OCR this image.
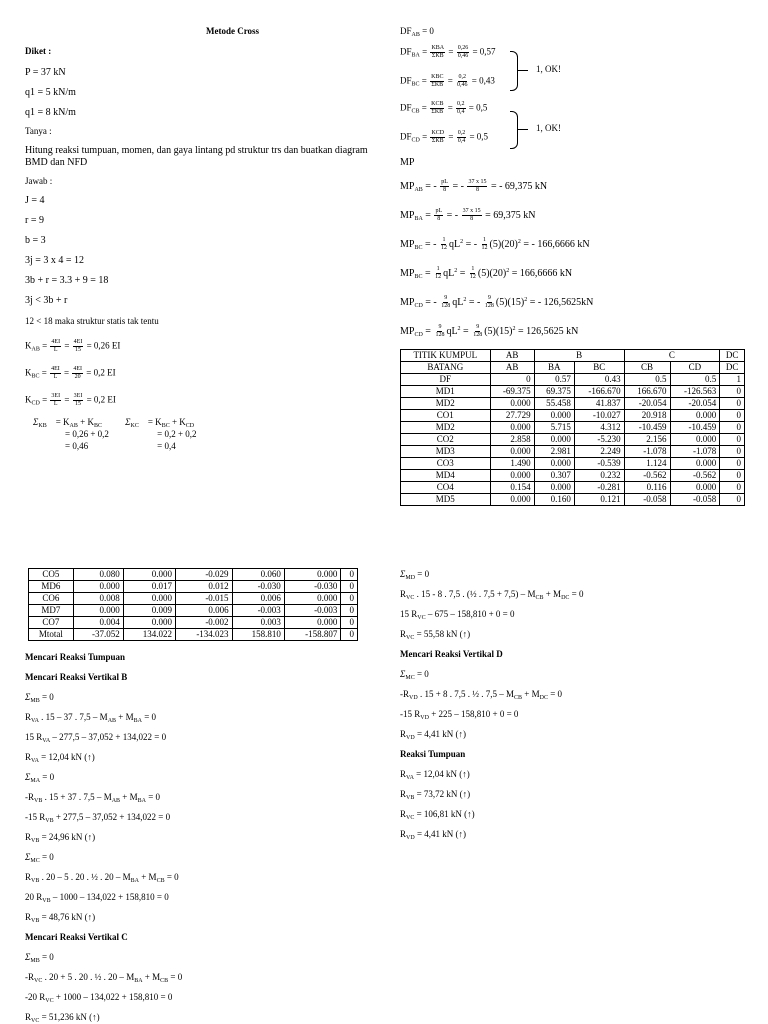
Metode Cross
Diket :
P = 37 kN
q1 = 5 kN/m
q1 = 8 kN/m
Tanya :
Hitung reaksi tumpuan, momen, dan gaya lintang pd struktur trs dan buatkan diagram BMD dan NFD
Jawab :
J = 4
r = 9
b = 3
3j = 3 x 4 = 12
3b + r = 3.3 + 9 = 18
3j < 3b + r
12 < 18 maka struktur statis tak tentu
$K_{AB} = \frac{4EI}{L} = \frac{4EI}{15} = 0,26$ EI
$K_{BC} = \frac{4EI}{L} = \frac{4EI}{20} = 0,2$ EI
$K_{CD} = \frac{3EI}{L} = \frac{3EI}{15} = 0,2$ EI
$\Sigma_{KB} = K_{AB} + K_{BC}$
= 0,26 + 0,2
= 0,46

$\Sigma_{KC} = K_{BC} + K_{CD}$
= 0,2 + 0,2
= 0,4
$DF_{AB} = 0$
$DF_{BA}$ = KBA
$\Sigma KB = \frac{0,26}{0,46} = 0,57$
$DF_{BC}$ = KBC
$\Sigma KB = \frac{0,2}{0,46} = 0,43$
1, OK!
$DF_{CB}$ = KCB
$\Sigma KB = \frac{0,2}{0,4} = 0,5$
$DF_{CD}$ = KCD
$\Sigma KB = \frac{0,2}{0,4} = 0,5$
1, OK!
MP
$MP_{AB}$ = - $\frac{pL}{8}$ = - $\frac{37 x 15}{8}$ = - 69,375 kN
$MP_{BA} = \frac{pL}{8}$ = - $\frac{37 x 15}{8} = 69,375$ kN
$MP_{BC}$ = - $\frac{1}{12} qL^2$ = - $\frac{1}{12} (5)(20)^2$ = - 166,6666 kN
$MP_{BC} = \frac{1}{12} qL^2 = \frac{1}{12} (5)(20)^2 = 166,6666$ kN
$MP_{CD}$ = - $\frac{9}{128} qL^2$ = - $\frac{9}{128} (5)(15)^2$ = - 126,5625kN
$MP_{CD} = \frac{9}{128} qL^2 = \frac{9}{128} (5)(15)^2 = 126,5625$ kN
TITIK KUMPUL	AB	B		C		DC
BATANG	AB	BA	BC	CB	CD	DC
DF	0	0.57	0.43	0.5	0.5	1
MD1	-69.375	69.375	-166.670	166.670	-126.563	0
MD2	0.000	55.458	41.837	-20.054	-20.054	0
CO1	27.729	0.000	-10.027	20.918	0.000	0
MD2	0.000	5.715	4.312	-10.459	-10.459	0
CO2	2.858	0.000	-5.230	2.156	0.000	0
MD3	0.000	2.981	2.249	-1.078	-1.078	0
CO3	1.490	0.000	-0.539	1.124	0.000	0
MD4	0.000	0.307	0.232	-0.562	-0.562	0
CO4	0.154	0.000	-0.281	0.116	0.000	0
MD5	0.000	0.160	0.121	-0.058	-0.058	0
CO5	0.080	0.000	-0.029	0.060	0.000	0
MD6	0.000	0.017	0.012	-0.030	-0.030	0
CO6	0.008	0.000	-0.015	0.006	0.000	0
MD7	0.000	0.009	0.006	-0.003	-0.003	0
CO7	0.004	0.000	-0.002	0.003	0.000	0
Mtotal	-37.052	134.022	-134.023	158.810	-158.807	0
Mencari Reaksi Tumpuan
Mencari Reaksi Vertikal B
$\Sigma_{MB} = 0$
$R_{VA}$ . 15 – 37 . $7,5 - M_{AB} + M_{BA} = 0$
15 $R_{VA} - 277,5 - 37,052 + 134,022 = 0$
$R_{VA} = 12,04$ kN (↑)
$\Sigma_{MA} = 0$
$-R_{VB}$ . 15 + 37 . $7,5 - M_{AB} + M_{BA} = 0$
-15 $R_{VB} + 277,5 - 37,052 + 134,022 = 0$
$R_{VB} = 24,96$ kN (↑)
$\Sigma_{MC} = 0$
$R_{VB}$ . 20 – 5 . 20 . ½ . $20 - M_{BA} + M_{CB} = 0$
20 $R_{VB} - 1000 - 134,022 + 158,810 = 0$
$R_{VB} = 48,76$ kN (↑)
Mencari Reaksi Vertikal C
$\Sigma_{MB} = 0$
$-R_{VC}$ . 20 + 5 . 20 . ½ . $20 - M_{BA} + M_{CB} = 0$
-20 $R_{VC} + 1000 - 134,022 + 158,810 = 0$
$R_{VC} = 51,236$ kN (↑)
$\Sigma_{MD} = 0$
$R_{VC}$ . 15 - 8 . 7,5 . (½ . $7,5 + 7,5) - M_{CB} + M_{DC} = 0$
15 $R_{VC} - 675 - 158,810 + 0 = 0$
$R_{VC} = 55,58$ kN (↑)
Mencari Reaksi Vertikal D
$\Sigma_{MC} = 0$
$-R_{VD}$ . 15 + 8 . 7,5 . ½ . $7,5 - M_{CB} + M_{DC} = 0$
-15 $R_{VD} + 225 - 158,810 + 0 = 0$
$R_{VD} = 4,41$ kN (↑)
Reaksi Tumpuan
$R_{VA} = 12,04$ kN (↑)
$R_{VB} = 73,72$ kN (↑)
$R_{VC} = 106,81$ kN (↑)
$R_{VD} = 4,41$ kN (↑)
